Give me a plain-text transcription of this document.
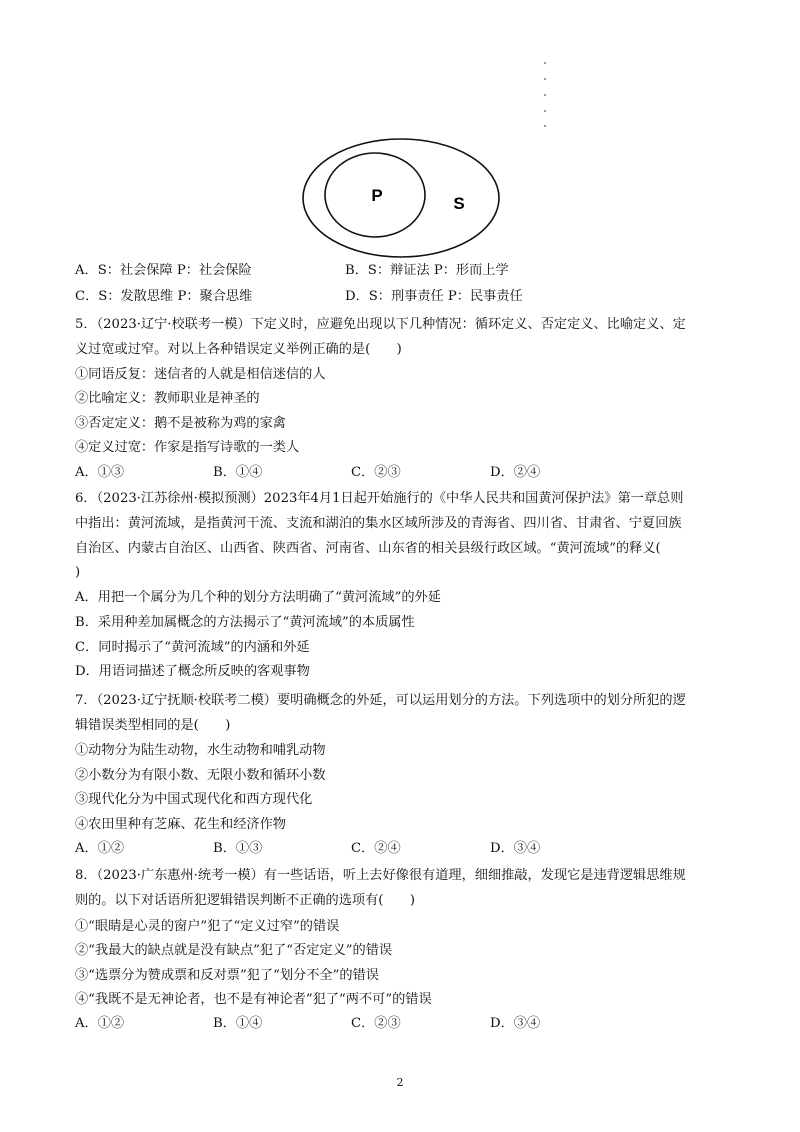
P	S
A．S：社会保障 P：社会保险	B．S：辩证法 P：形而上学
C．S：发散思维 P：聚合思维	D．S：刑事责任 P：民事责任
5．（2023·辽宁·校联考一模）下定义时，应避免出现以下几种情况：循环定义、否定定义、比喻定义、定
义过宽或过窄。对以上各种错误定义举例正确的是(　　)
①同语反复：迷信者的人就是相信迷信的人
②比喻定义：教师职业是神圣的
③否定定义：鹅不是被称为鸡的家禽
④定义过宽：作家是指写诗歌的一类人
A．①③	B．①④	C．②③	D．②④
6．（2023·江苏徐州·模拟预测）2023年4月1日起开始施行的《中华人民共和国黄河保护法》第一章总则
中指出：黄河流域，是指黄河干流、支流和湖泊的集水区域所涉及的青海省、四川省、甘肃省、宁夏回族
自治区、内蒙古自治区、山西省、陕西省、河南省、山东省的相关县级行政区域。“黄河流域”的释义(
)
A．用把一个属分为几个种的划分方法明确了“黄河流域”的外延
B．采用种差加属概念的方法揭示了“黄河流域”的本质属性
C．同时揭示了“黄河流域”的内涵和外延
D．用语词描述了概念所反映的客观事物
7．（2023·辽宁抚顺·校联考二模）要明确概念的外延，可以运用划分的方法。下列选项中的划分所犯的逻
辑错误类型相同的是(　　)
①动物分为陆生动物，水生动物和哺乳动物
②小数分为有限小数、无限小数和循环小数
③现代化分为中国式现代化和西方现代化
④农田里种有芝麻、花生和经济作物
A．①②	B．①③	C．②④	D．③④
8．（2023·广东惠州·统考一模）有一些话语，听上去好像很有道理，细细推敲，发现它是违背逻辑思维规
则的。以下对话语所犯逻辑错误判断不正确的选项有(　　)
①“眼睛是心灵的窗户”犯了“定义过窄”的错误
②“我最大的缺点就是没有缺点”犯了“否定定义”的错误
③“选票分为赞成票和反对票”犯了“划分不全”的错误
④“我既不是无神论者，也不是有神论者”犯了“两不可”的错误
A．①②	B．①④	C．②③	D．③④
2
